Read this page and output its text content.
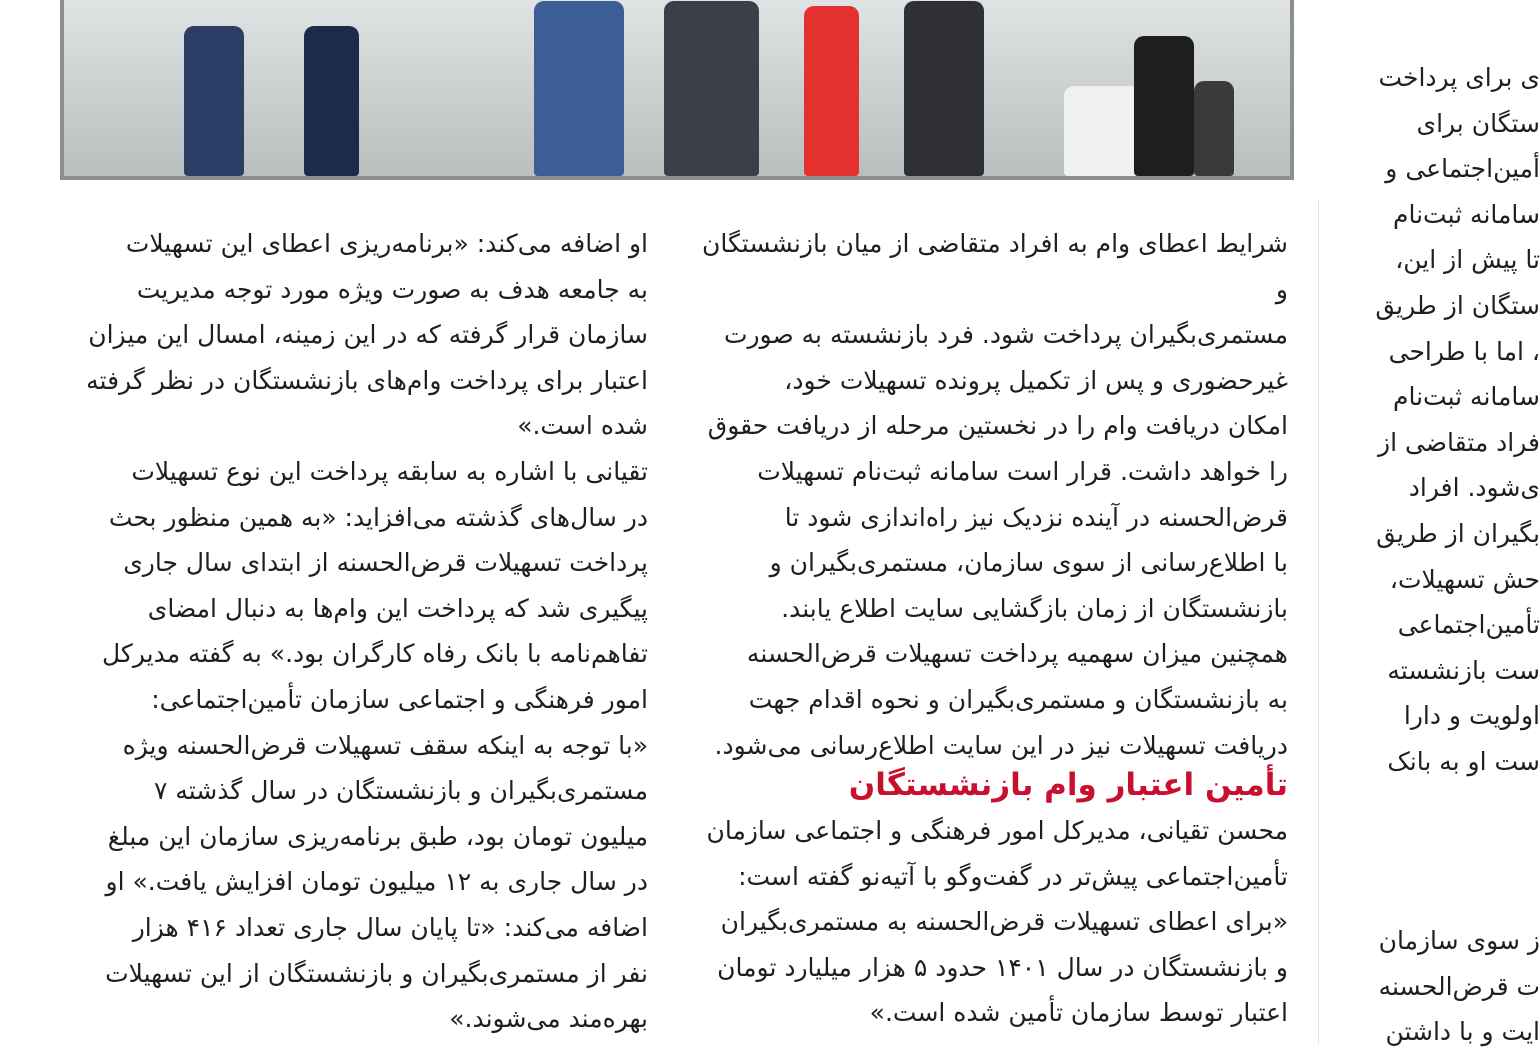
شرایط اعطای وام به افراد متقاضی از میان بازنشستگان و
مستمری‌بگیران پرداخت شود. فرد بازنشسته به صورت
غیرحضوری و پس از تکمیل پرونده تسهیلات خود،
امکان دریافت وام را در نخستین مرحله از دریافت حقوق
را خواهد داشت. قرار است سامانه ثبت‌نام تسهیلات
قرض‌الحسنه در آینده نزدیک نیز راه‌اندازی شود تا
با اطلاع‌رسانی از سوی سازمان، مستمری‌بگیران و
بازنشستگان از زمان بازگشایی سایت اطلاع یابند.
همچنین میزان سهمیه پرداخت تسهیلات قرض‌الحسنه
به بازنشستگان و مستمری‌بگیران و نحوه اقدام جهت
دریافت تسهیلات نیز در این سایت اطلاع‌رسانی می‌شود.
تأمین اعتبار وام بازنشستگان
محسن تقیانی، مدیرکل امور فرهنگی و اجتماعی سازمان
تأمین‌اجتماعی پیش‌تر در گفت‌وگو با آتیه‌نو گفته است:
«برای اعطای تسهیلات قرض‌الحسنه به مستمری‌بگیران
و بازنشستگان در سال ۱۴۰۱ حدود ۵ هزار میلیارد تومان
اعتبار توسط سازمان تأمین شده است.»
او اضافه می‌کند: «برنامه‌ریزی اعطای این تسهیلات
به جامعه هدف به صورت ویژه مورد توجه مدیریت
سازمان قرار گرفته که در این زمینه، امسال این میزان
اعتبار برای پرداخت وام‌های بازنشستگان در نظر گرفته
شده است.»
تقیانی با اشاره به سابقه پرداخت این نوع تسهیلات
در سال‌های گذشته می‌افزاید: «به همین منظور بحث
پرداخت تسهیلات قرض‌الحسنه از ابتدای سال جاری
پیگیری شد که پرداخت این وام‌ها به دنبال امضای
تفاهم‌نامه با بانک رفاه کارگران بود.» به گفته مدیرکل
امور فرهنگی و اجتماعی سازمان تأمین‌اجتماعی:
«با توجه به اینکه سقف تسهیلات قرض‌الحسنه ویژه
مستمری‌بگیران و بازنشستگان در سال گذشته ۷
میلیون تومان بود، طبق برنامه‌ریزی سازمان این مبلغ
در سال جاری به ۱۲ میلیون تومان افزایش یافت.» او
اضافه می‌کند: «تا پایان سال جاری تعداد ۴۱۶ هزار
نفر از مستمری‌بگیران و بازنشستگان از این تسهیلات
بهره‌مند می‌شوند.»
ی برای پرداخت
ستگان برای
أمین‌اجتماعی و
سامانه ثبت‌نام
تا پیش از این،
ستگان از طریق
، اما با طراحی
سامانه ثبت‌نام
فراد متقاضی از
ی‌شود. افراد
بگیران از طریق
حش تسهیلات،
تأمین‌اجتماعی
ست بازنشسته
اولویت و دارا
ست او به بانک
ز سوی سازمان
ت قرض‌الحسنه
ایت و با داشتن
